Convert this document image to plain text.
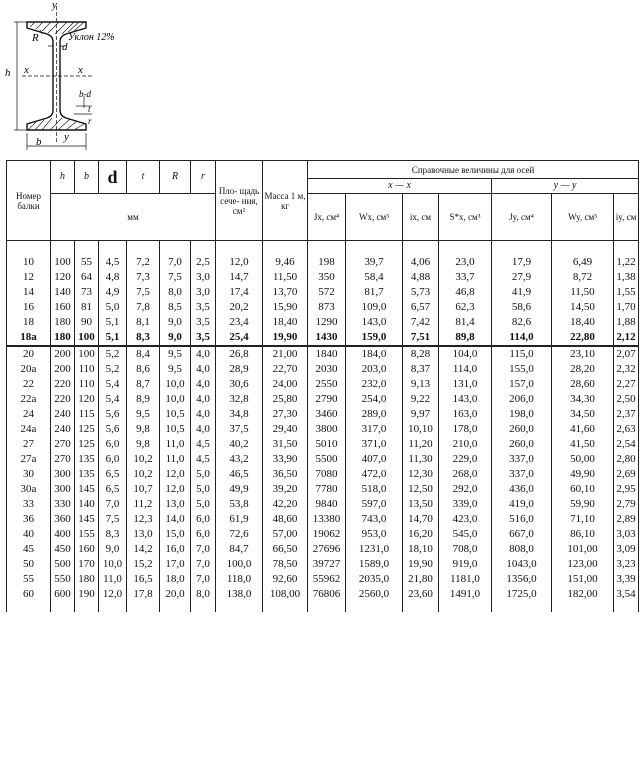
y
y
x	x
R
d
Уклон 12%
h
b-d
b
t
r
Номер балки	h	b	d	t	R	r	Пло- щадь сече- ния, см²	Масса 1 м, кг	Справочные величины для осей						
									x — x				y — y		
	мм								Jx, см⁴	Wx, см³	ix, см	S*x, см³	Jy, см⁴	Wy, см³	iy, см
10	100	55	4,5	7,2	7,0	2,5	12,0	9,46	198	39,7	4,06	23,0	17,9	6,49	1,22
12	120	64	4,8	7,3	7,5	3,0	14,7	11,50	350	58,4	4,88	33,7	27,9	8,72	1,38
14	140	73	4,9	7,5	8,0	3,0	17,4	13,70	572	81,7	5,73	46,8	41,9	11,50	1,55
16	160	81	5,0	7,8	8,5	3,5	20,2	15,90	873	109,0	6,57	62,3	58,6	14,50	1,70
18	180	90	5,1	8,1	9,0	3,5	23,4	18,40	1290	143,0	7,42	81,4	82,6	18,40	1,88
18a	180	100	5,1	8,3	9,0	3,5	25,4	19,90	1430	159,0	7,51	89,8	114,0	22,80	2,12
20	200	100	5,2	8,4	9,5	4,0	26,8	21,00	1840	184,0	8,28	104,0	115,0	23,10	2,07
20a	200	110	5,2	8,6	9,5	4,0	28,9	22,70	2030	203,0	8,37	114,0	155,0	28,20	2,32
22	220	110	5,4	8,7	10,0	4,0	30,6	24,00	2550	232,0	9,13	131,0	157,0	28,60	2,27
22a	220	120	5,4	8,9	10,0	4,0	32,8	25,80	2790	254,0	9,22	143,0	206,0	34,30	2,50
24	240	115	5,6	9,5	10,5	4,0	34,8	27,30	3460	289,0	9,97	163,0	198,0	34,50	2,37
24a	240	125	5,6	9,8	10,5	4,0	37,5	29,40	3800	317,0	10,10	178,0	260,0	41,60	2,63
27	270	125	6,0	9,8	11,0	4,5	40,2	31,50	5010	371,0	11,20	210,0	260,0	41,50	2,54
27a	270	135	6,0	10,2	11,0	4,5	43,2	33,90	5500	407,0	11,30	229,0	337,0	50,00	2,80
30	300	135	6,5	10,2	12,0	5,0	46,5	36,50	7080	472,0	12,30	268,0	337,0	49,90	2,69
30a	300	145	6,5	10,7	12,0	5,0	49,9	39,20	7780	518,0	12,50	292,0	436,0	60,10	2,95
33	330	140	7,0	11,2	13,0	5,0	53,8	42,20	9840	597,0	13,50	339,0	419,0	59,90	2,79
36	360	145	7,5	12,3	14,0	6,0	61,9	48,60	13380	743,0	14,70	423,0	516,0	71,10	2,89
40	400	155	8,3	13,0	15,0	6,0	72,6	57,00	19062	953,0	16,20	545,0	667,0	86,10	3,03
45	450	160	9,0	14,2	16,0	7,0	84,7	66,50	27696	1231,0	18,10	708,0	808,0	101,00	3,09
50	500	170	10,0	15,2	17,0	7,0	100,0	78,50	39727	1589,0	19,90	919,0	1043,0	123,00	3,23
55	550	180	11,0	16,5	18,0	7,0	118,0	92,60	55962	2035,0	21,80	1181,0	1356,0	151,00	3,39
60	600	190	12,0	17,8	20,0	8,0	138,0	108,00	76806	2560,0	23,60	1491,0	1725,0	182,00	3,54
